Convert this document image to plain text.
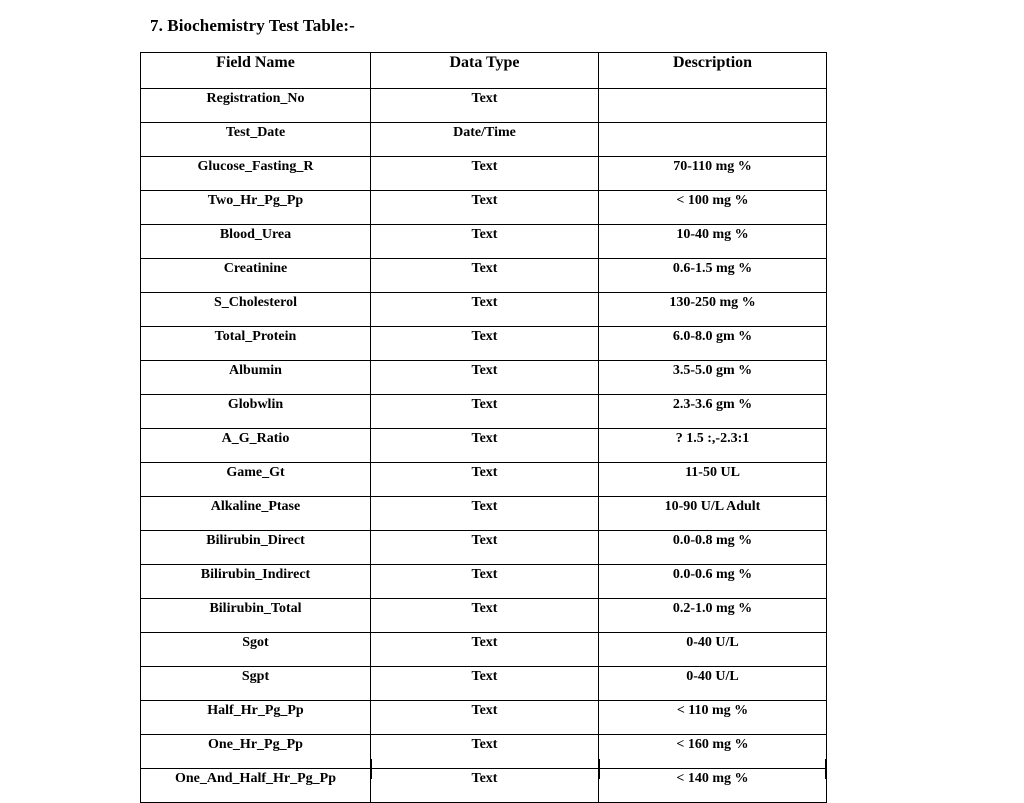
7. Biochemistry Test Table:-
Field Name	Data Type	Description
Registration_No	Text	
Test_Date	Date/Time	
Glucose_Fasting_R	Text	70-110 mg %
Two_Hr_Pg_Pp	Text	< 100 mg %
Blood_Urea	Text	10-40 mg %
Creatinine	Text	0.6-1.5 mg %
S_Cholesterol	Text	130-250 mg %
Total_Protein	Text	6.0-8.0 gm %
Albumin	Text	3.5-5.0 gm %
Globwlin	Text	2.3-3.6 gm %
A_G_Ratio	Text	? 1.5 :,-2.3:1
Game_Gt	Text	11-50 UL
Alkaline_Ptase	Text	10-90 U/L Adult
Bilirubin_Direct	Text	0.0-0.8 mg %
Bilirubin_Indirect	Text	0.0-0.6 mg %
Bilirubin_Total	Text	0.2-1.0 mg %
Sgot	Text	0-40 U/L
Sgpt	Text	0-40 U/L
Half_Hr_Pg_Pp	Text	< 110 mg %
One_Hr_Pg_Pp	Text	< 160 mg %
One_And_Half_Hr_Pg_Pp	Text	< 140 mg %
